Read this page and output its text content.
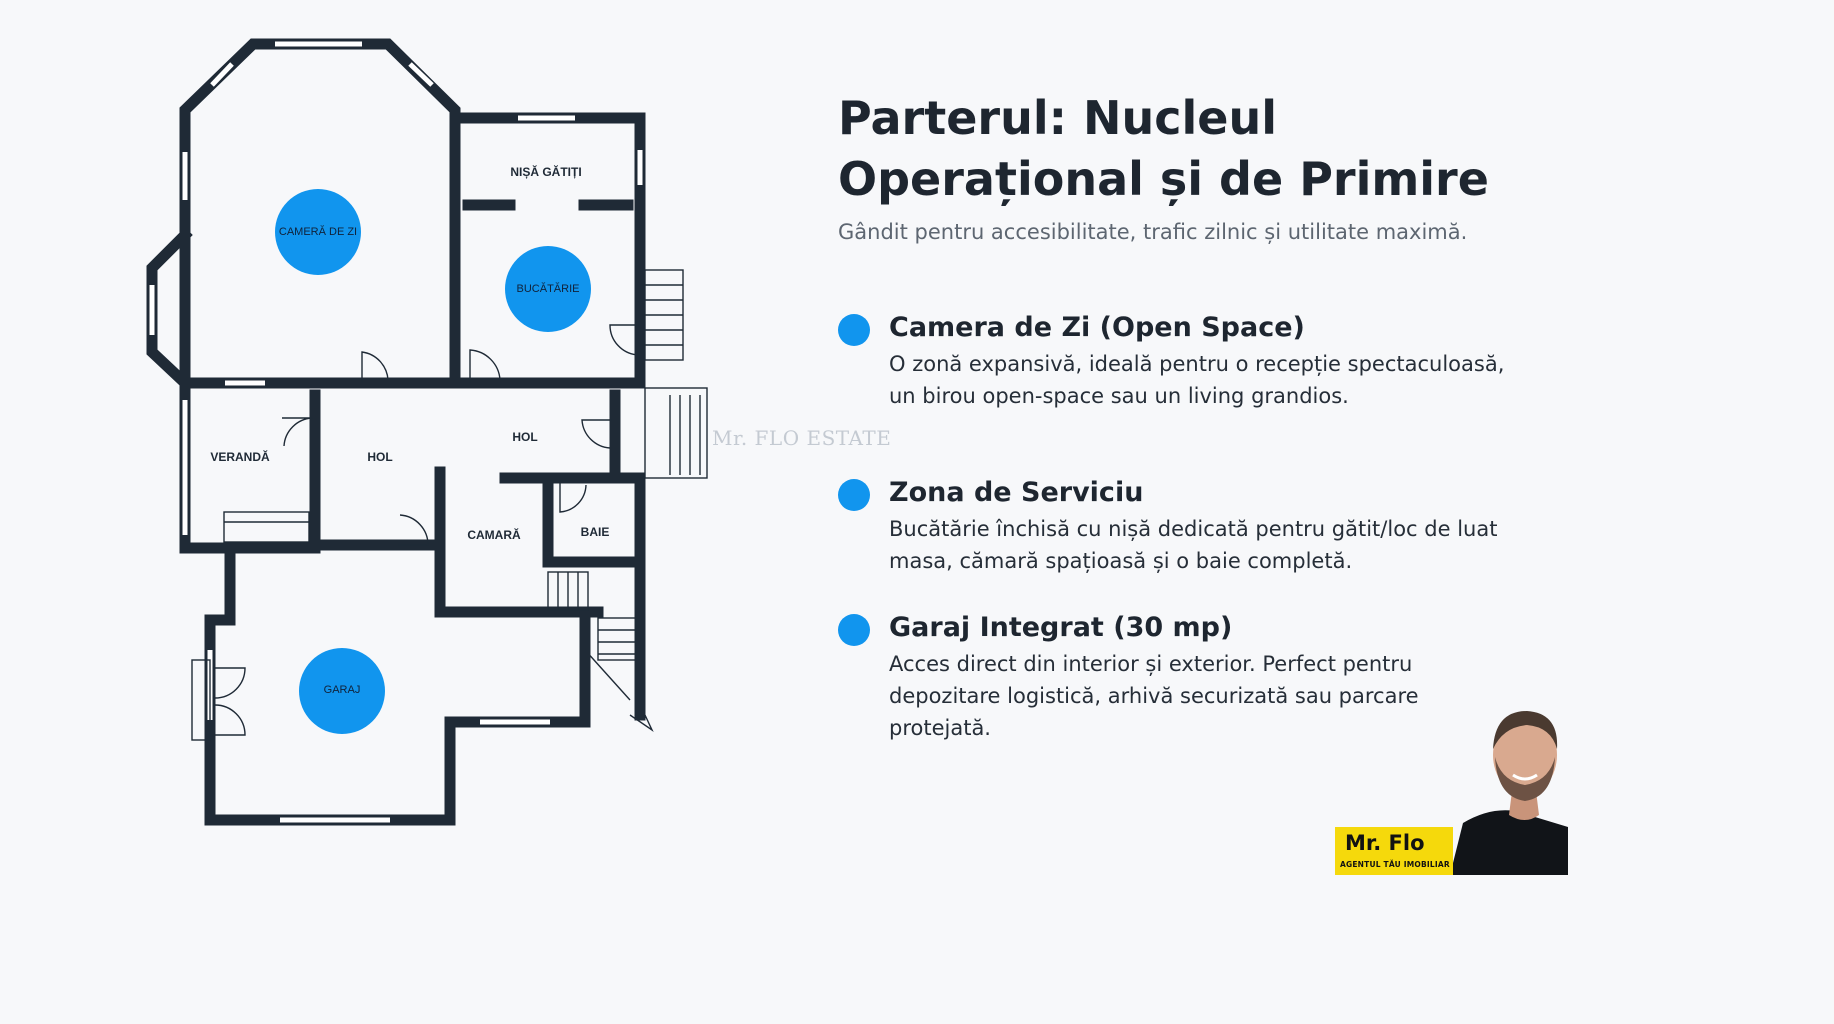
CAMERĂ DE ZI
NIȘĂ GĂTIȚI
BUCĂTĂRIE
VERANDĂ	HOL
HOL
CAMARĂ	BAIE
GARAJ
Mr. FLO ESTATE
Parterul: Nucleul
Operațional și de Primire
Gândit pentru accesibilitate, trafic zilnic și utilitate maximă.
Camera de Zi (Open Space)
O zonă expansivă, ideală pentru o recepție spectaculoasă, un birou open-space sau un living grandios.
Zona de Serviciu
Bucătărie închisă cu nișă dedicată pentru gătit/loc de luat masa, cămară spațioasă și o baie completă.
Garaj Integrat (30 mp)
Acces direct din interior și exterior. Perfect pentru depozitare logistică, arhivă securizată sau parcare protejată.
Mr. Flo
AGENTUL TĂU IMOBILIAR
